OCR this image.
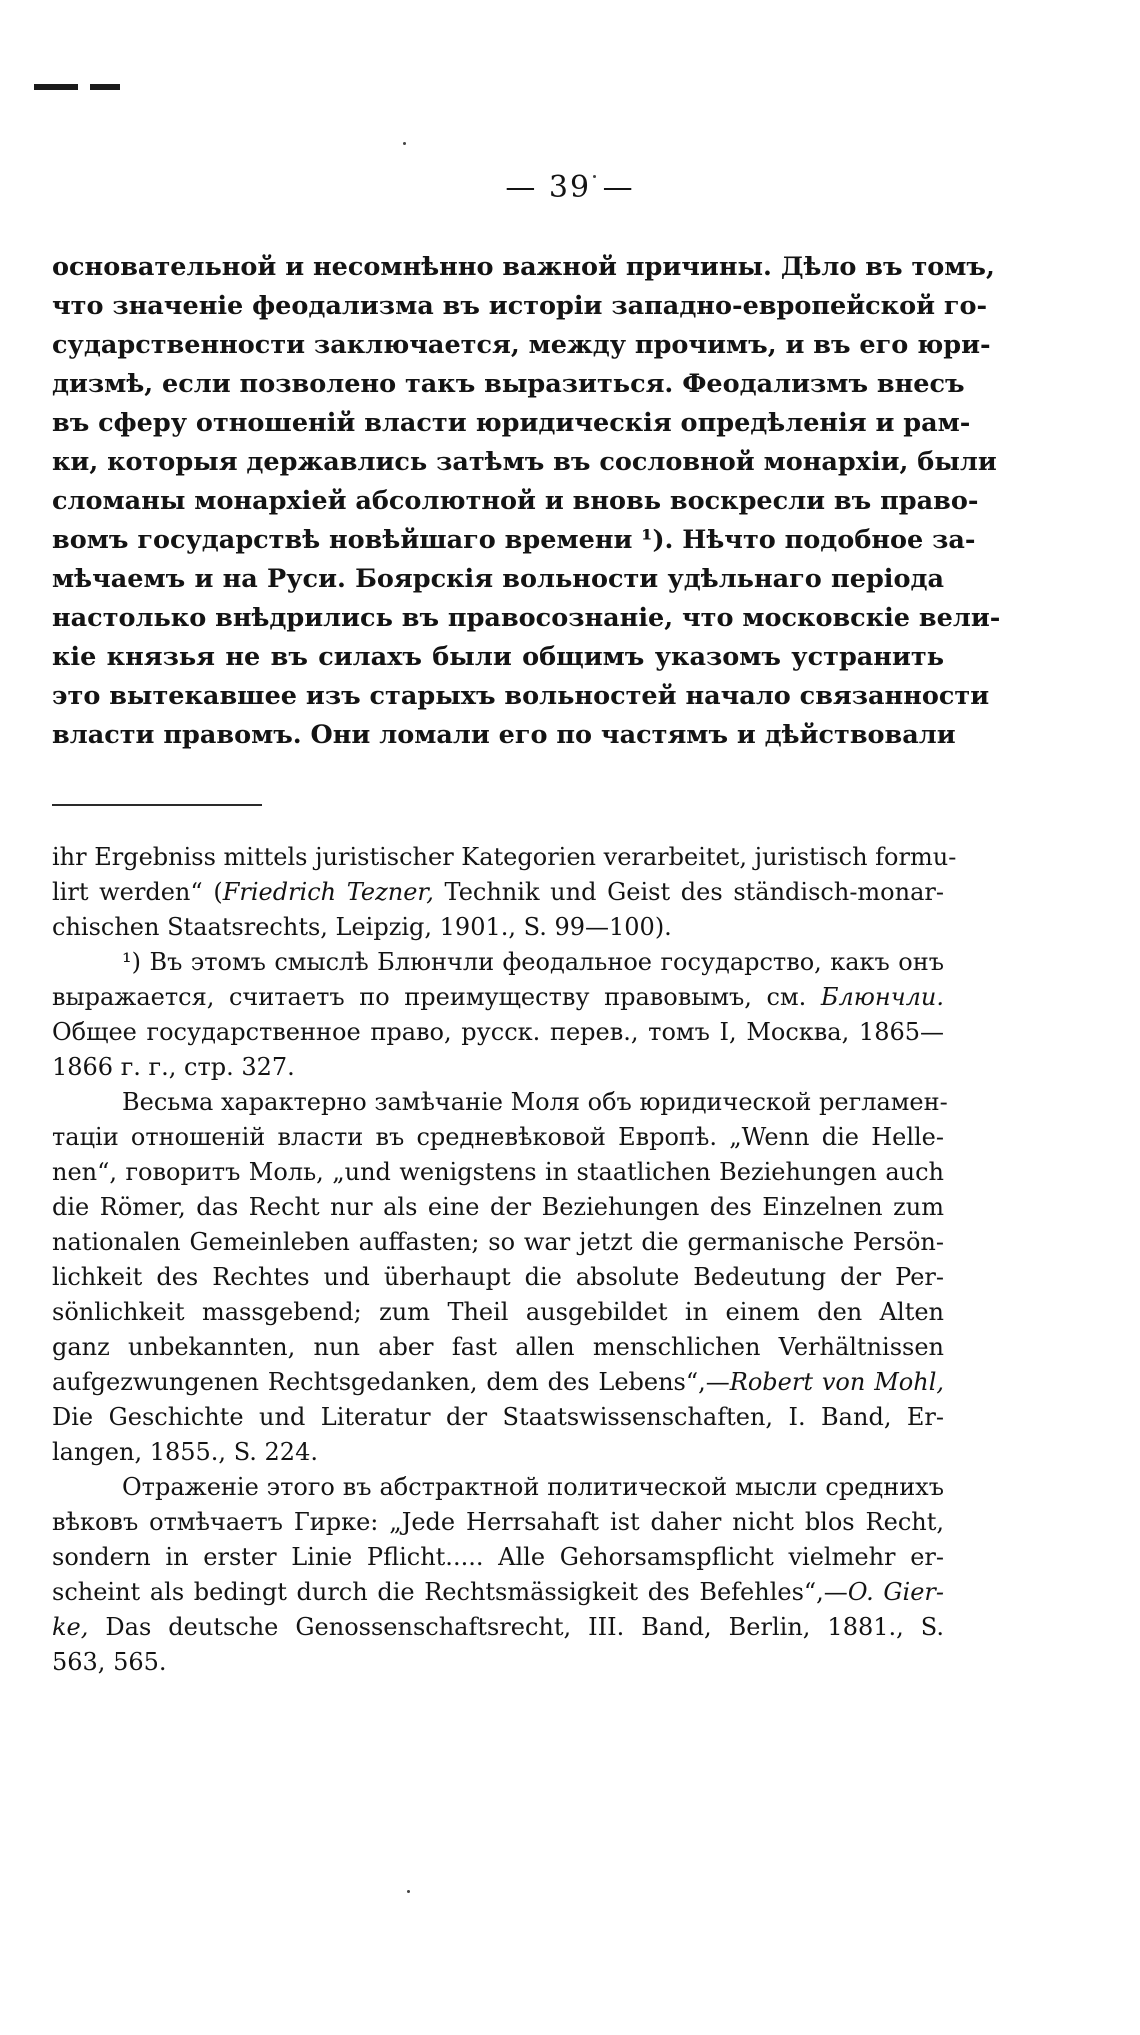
— 39 —
основательной и несомнѣнно важной причины. Дѣло въ томъ,
что значеніе феодализма въ исторіи западно-европейской го-
сударственности заключается, между прочимъ, и въ его юри-
дизмѣ, если позволено такъ выразиться. Феодализмъ внесъ
въ сферу отношеній власти юридическія опредѣленія и рам-
ки, которыя державлись затѣмъ въ сословной монархіи, были
сломаны монархіей абсолютной и вновь воскресли въ право-
вомъ государствѣ новѣйшаго времени ¹). Нѣчто подобное за-
мѣчаемъ и на Руси. Боярскія вольности удѣльнаго періода
настолько внѣдрились въ правосознаніе, что московскіе вели-
кіе князья не въ силахъ были общимъ указомъ устранить
это вытекавшее изъ старыхъ вольностей начало связанности
власти правомъ. Они ломали его по частямъ и дѣйствовали
ihr Ergebniss mittels juristischer Kategorien verarbeitet, juristisch formu-
lirt werden“ (Friedrich Tezner, Technik und Geist des ständisch-monar-
chischen Staatsrechts, Leipzig, 1901., S. 99—100).
¹) Въ этомъ смыслѣ Блюнчли феодальное государство, какъ онъ
выражается, считаетъ по преимуществу правовымъ, см. Блюнчли.
Общее государственное право, русск. перев., томъ I, Москва, 1865—
1866 г. г., стр. 327.
Весьма характерно замѣчаніе Моля объ юридической регламен-
таціи отношеній власти въ средневѣковой Европѣ. „Wenn die Helle-
nen“, говоритъ Моль, „und wenigstens in staatlichen Beziehungen auch
die Römer, das Recht nur als eine der Beziehungen des Einzelnen zum
nationalen Gemeinleben auffasten; so war jetzt die germanische Persön-
lichkeit des Rechtes und überhaupt die absolute Bedeutung der Per-
sönlichkeit massgebend; zum Theil ausgebildet in einem den Alten
ganz unbekannten, nun aber fast allen menschlichen Verhältnissen
aufgezwungenen Rechtsgedanken, dem des Lebens“,—Robert von Mohl,
Die Geschichte und Literatur der Staatswissenschaften, I. Band, Er-
langen, 1855., S. 224.
Отраженіе этого въ абстрактной политической мысли среднихъ
вѣковъ отмѣчаетъ Гирке: „Jede Herrsahaft ist daher nicht blos Recht,
sondern in erster Linie Pflicht..... Alle Gehorsamspflicht vielmehr er-
scheint als bedingt durch die Rechtsmässigkeit des Befehles“,—O. Gier-
ke, Das deutsche Genossenschaftsrecht, III. Band, Berlin, 1881., S.
563, 565.
